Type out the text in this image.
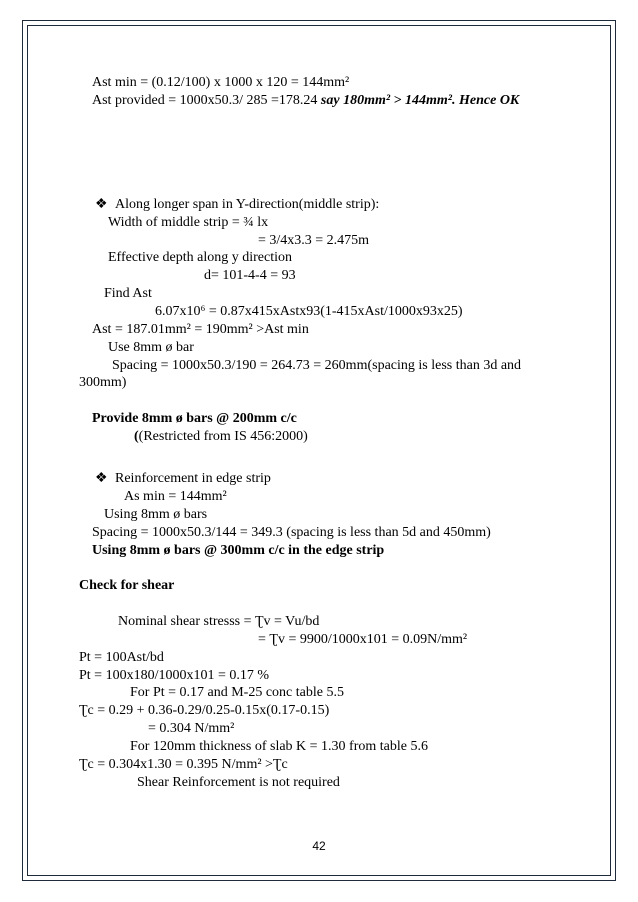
Ast min = (0.12/100) x 1000 x 120 = 144mm²
Ast provided = 1000x50.3/ 285 =178.24 say 180mm² > 144mm². Hence OK
❖ Along longer span in Y-direction(middle strip):
Width of middle strip = ¾ lx
= 3/4x3.3 = 2.475m
Effective depth along y direction
d= 101-4-4 = 93
Find Ast
6.07x10⁶ = 0.87x415xAstx93(1-415xAst/1000x93x25)
Ast = 187.01mm² = 190mm² >Ast min
Use 8mm ø bar
Spacing = 1000x50.3/190 = 264.73 = 260mm(spacing is less than 3d and
300mm)
Provide 8mm ø bars @ 200mm c/c
((Restricted from IS 456:2000)
❖ Reinforcement in edge strip
As min = 144mm²
Using 8mm ø bars
Spacing = 1000x50.3/144 = 349.3 (spacing is less than 5d and 450mm)
Using 8mm ø bars @ 300mm c/c in the edge strip
Check for shear
Nominal shear stresss = Ʈv = Vu/bd
= Ʈv = 9900/1000x101 = 0.09N/mm²
Pt = 100Ast/bd
Pt = 100x180/1000x101 = 0.17 %
For Pt = 0.17 and M-25 conc table 5.5
Ʈc = 0.29 + 0.36-0.29/0.25-0.15x(0.17-0.15)
= 0.304 N/mm²
For 120mm thickness of slab K = 1.30 from table 5.6
Ʈc = 0.304x1.30 = 0.395 N/mm² >Ʈc
Shear Reinforcement is not required
42
